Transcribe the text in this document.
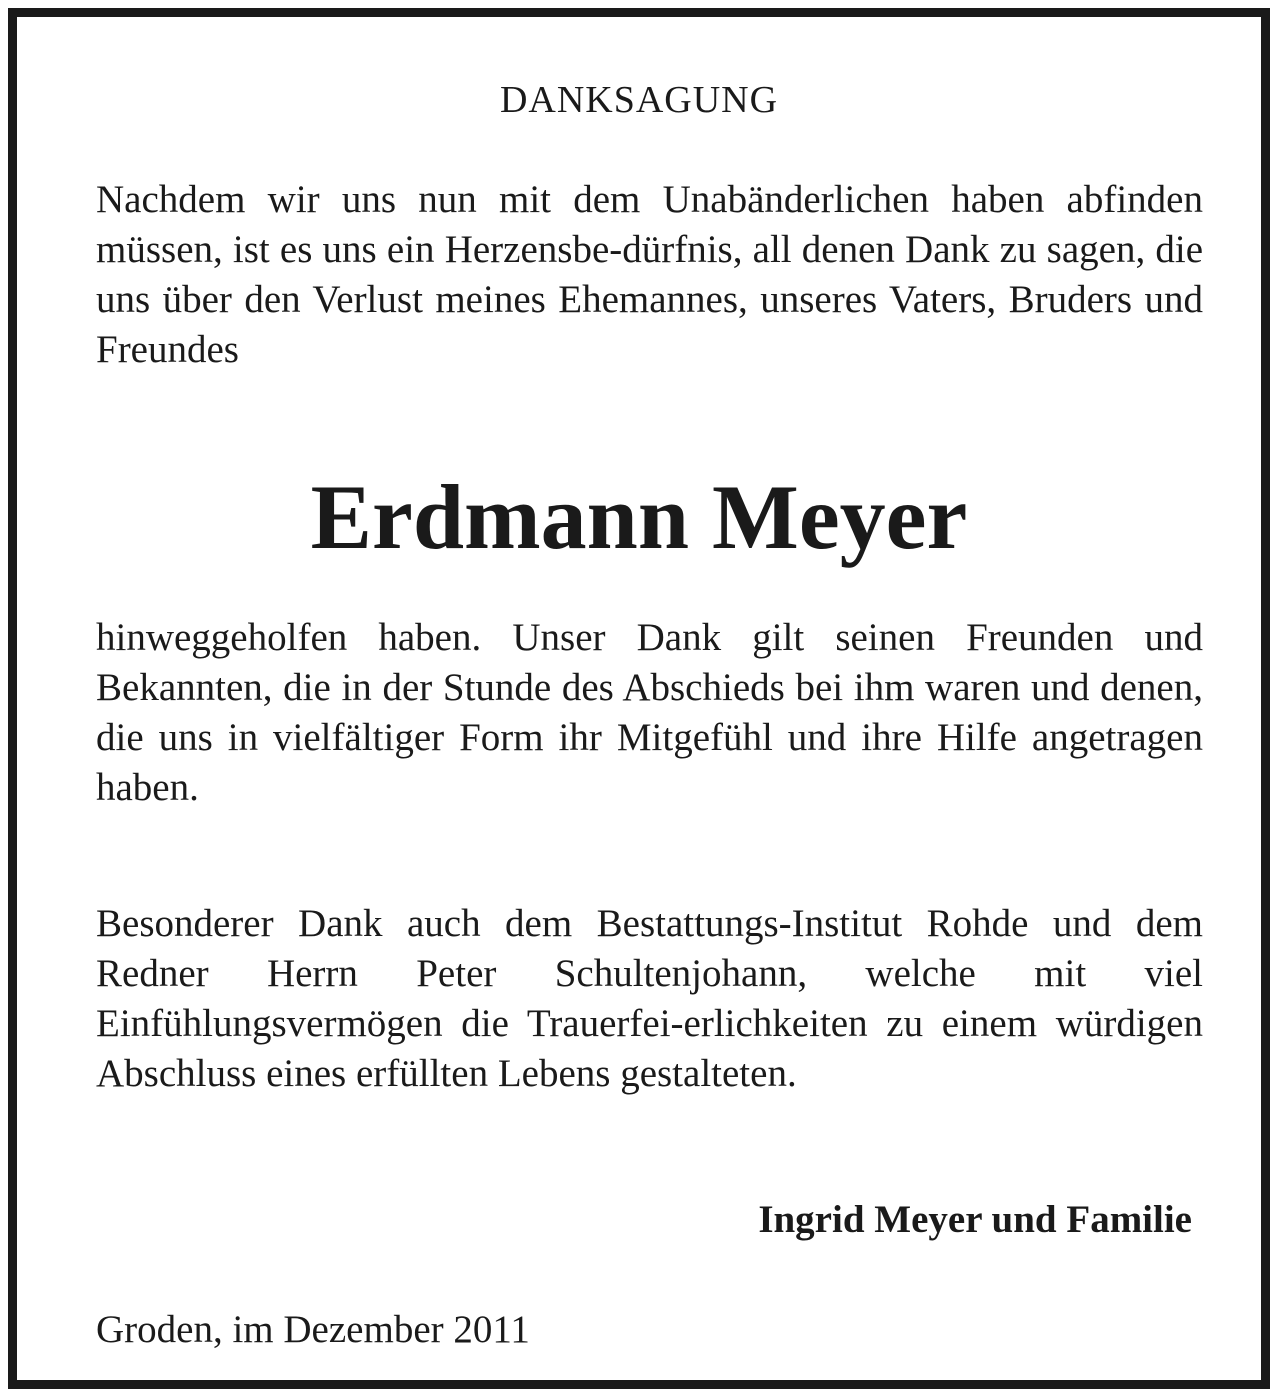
DANKSAGUNG

Nachdem wir uns nun mit dem Unabänderlichen haben abfinden müssen, ist es uns ein Herzensbe-dürfnis, all denen Dank zu sagen, die uns über den Verlust meines Ehemannes, unseres Vaters, Bruders und Freundes

Erdmann Meyer

hinweggeholfen haben. Unser Dank gilt seinen Freunden und Bekannten, die in der Stunde des Abschieds bei ihm waren und denen, die uns in vielfältiger Form ihr Mitgefühl und ihre Hilfe angetragen haben.

Besonderer Dank auch dem Bestattungs-Institut Rohde und dem Redner Herrn Peter Schultenjohann, welche mit viel Einfühlungsvermögen die Trauerfei-erlichkeiten zu einem würdigen Abschluss eines erfüllten Lebens gestalteten.

Ingrid Meyer und Familie
Groden, im Dezember 2011
